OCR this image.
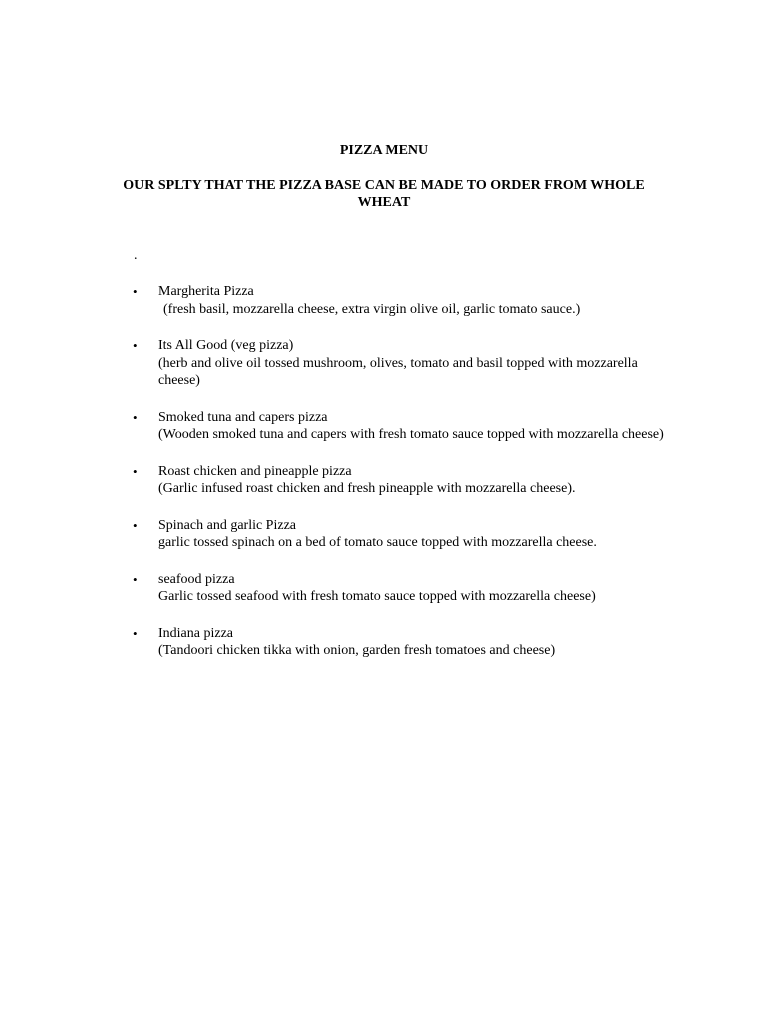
PIZZA MENU
OUR SPLTY THAT THE PIZZA BASE CAN BE MADE TO ORDER FROM WHOLE WHEAT
.
• Margherita Pizza
(fresh basil, mozzarella cheese, extra virgin olive oil, garlic tomato sauce.)
• Its All Good (veg pizza)
(herb and olive oil tossed mushroom, olives, tomato and basil topped with mozzarella cheese)
• Smoked tuna and capers pizza
(Wooden smoked tuna and capers with fresh tomato sauce topped with mozzarella cheese)
• Roast chicken and pineapple pizza
(Garlic infused roast chicken and fresh pineapple with mozzarella cheese).
• Spinach and garlic Pizza
garlic tossed spinach on a bed of tomato sauce topped with mozzarella cheese.
• seafood pizza
Garlic tossed seafood with fresh tomato sauce topped with mozzarella cheese)
• Indiana pizza
(Tandoori chicken tikka with onion, garden fresh tomatoes and cheese)
